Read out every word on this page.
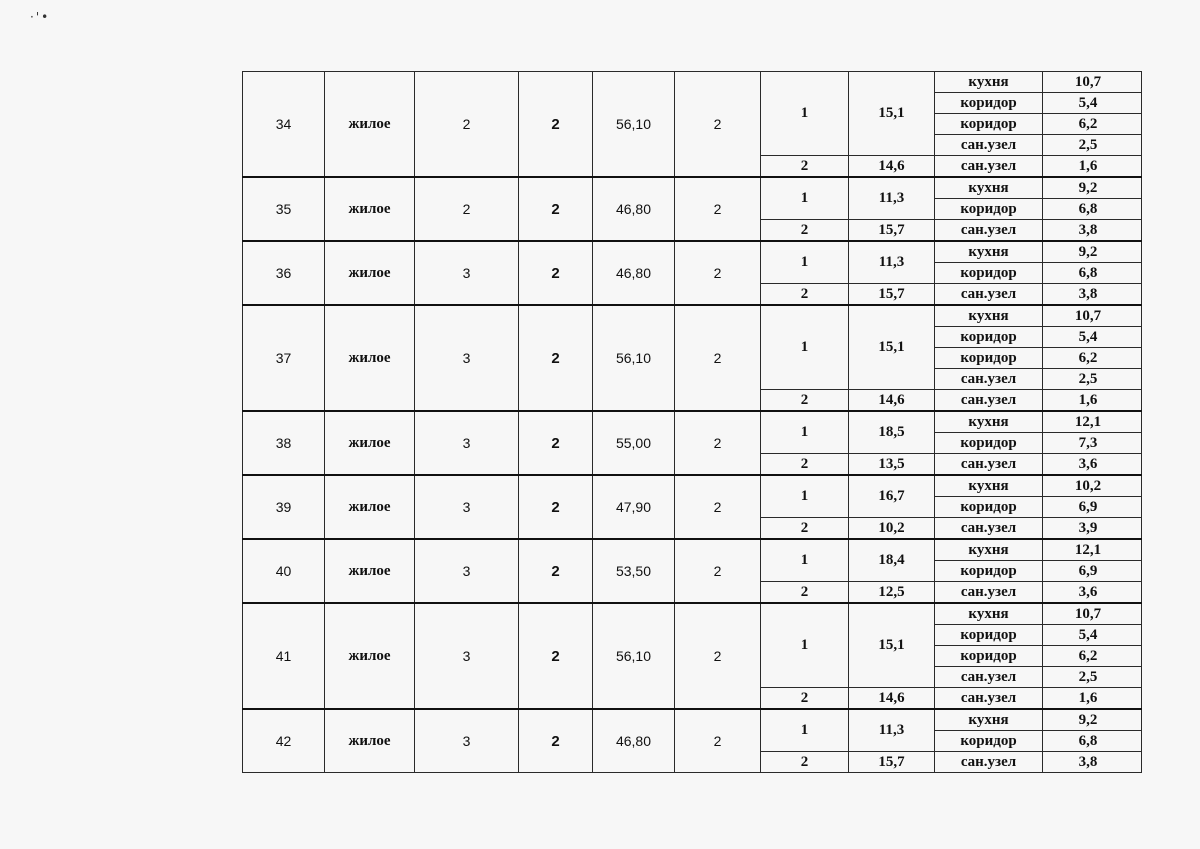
·'•
34	жилое	2	2	56,10	2	1	15,1	кухня	10,7
								коридор	5,4
								коридор	6,2
								сан.узел	2,5
						2	14,6	сан.узел	1,6
35	жилое	2	2	46,80	2	1	11,3	кухня	9,2
								коридор	6,8
						2	15,7	сан.узел	3,8
36	жилое	3	2	46,80	2	1	11,3	кухня	9,2
								коридор	6,8
						2	15,7	сан.узел	3,8
37	жилое	3	2	56,10	2	1	15,1	кухня	10,7
								коридор	5,4
								коридор	6,2
								сан.узел	2,5
						2	14,6	сан.узел	1,6
38	жилое	3	2	55,00	2	1	18,5	кухня	12,1
								коридор	7,3
						2	13,5	сан.узел	3,6
39	жилое	3	2	47,90	2	1	16,7	кухня	10,2
								коридор	6,9
						2	10,2	сан.узел	3,9
40	жилое	3	2	53,50	2	1	18,4	кухня	12,1
								коридор	6,9
						2	12,5	сан.узел	3,6
41	жилое	3	2	56,10	2	1	15,1	кухня	10,7
								коридор	5,4
								коридор	6,2
								сан.узел	2,5
						2	14,6	сан.узел	1,6
42	жилое	3	2	46,80	2	1	11,3	кухня	9,2
								коридор	6,8
						2	15,7	сан.узел	3,8
